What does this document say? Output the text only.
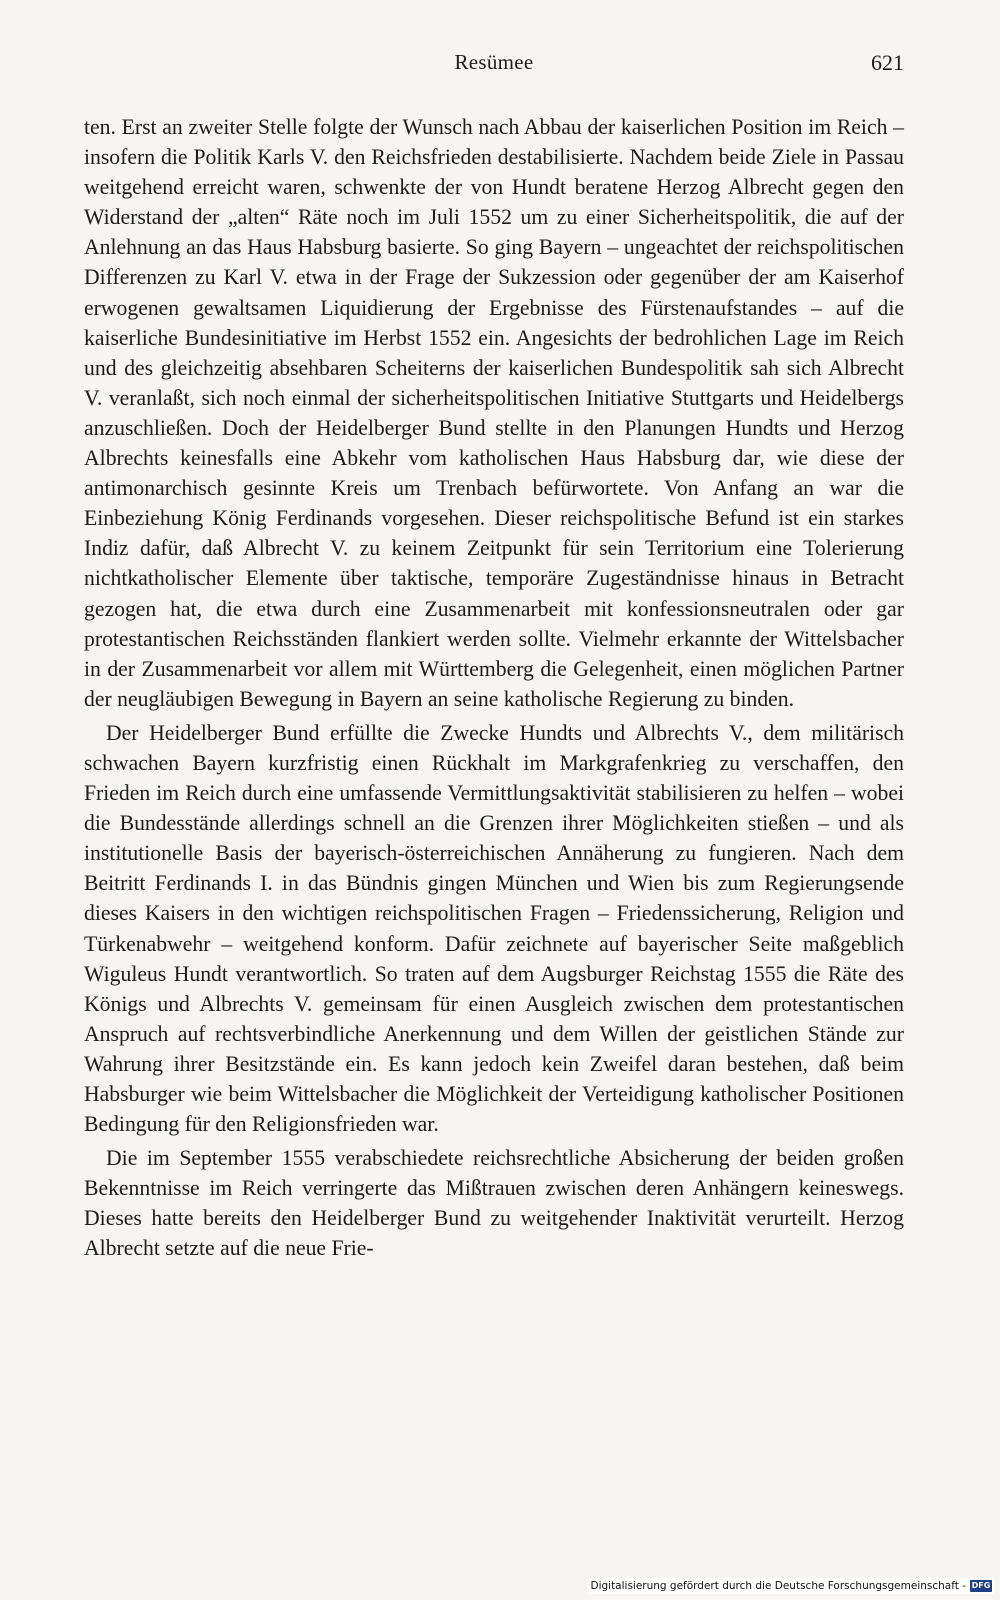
Resümee	621

ten. Erst an zweiter Stelle folgte der Wunsch nach Abbau der kaiserlichen Position im Reich – insofern die Politik Karls V. den Reichsfrieden destabilisierte. Nachdem beide Ziele in Passau weitgehend erreicht waren, schwenkte der von Hundt beratene Herzog Albrecht gegen den Widerstand der „alten“ Räte noch im Juli 1552 um zu einer Sicherheitspolitik, die auf der Anlehnung an das Haus Habsburg basierte. So ging Bayern – ungeachtet der reichspolitischen Differenzen zu Karl V. etwa in der Frage der Sukzession oder gegenüber der am Kaiserhof erwogenen gewaltsamen Liquidierung der Ergebnisse des Fürstenaufstandes – auf die kaiserliche Bundesinitiative im Herbst 1552 ein. Angesichts der bedrohlichen Lage im Reich und des gleichzeitig absehbaren Scheiterns der kaiserlichen Bundespolitik sah sich Albrecht V. veranlaßt, sich noch einmal der sicherheitspolitischen Initiative Stuttgarts und Heidelbergs anzuschließen. Doch der Heidelberger Bund stellte in den Planungen Hundts und Herzog Albrechts keinesfalls eine Abkehr vom katholischen Haus Habsburg dar, wie diese der antimonarchisch gesinnte Kreis um Trenbach befürwortete. Von Anfang an war die Einbeziehung König Ferdinands vorgesehen. Dieser reichspolitische Befund ist ein starkes Indiz dafür, daß Albrecht V. zu keinem Zeitpunkt für sein Territorium eine Tolerierung nichtkatholischer Elemente über taktische, temporäre Zugeständnisse hinaus in Betracht gezogen hat, die etwa durch eine Zusammenarbeit mit konfessionsneutralen oder gar protestantischen Reichsständen flankiert werden sollte. Vielmehr erkannte der Wittelsbacher in der Zusammenarbeit vor allem mit Württemberg die Gelegenheit, einen möglichen Partner der neugläubigen Bewegung in Bayern an seine katholische Regierung zu binden.

Der Heidelberger Bund erfüllte die Zwecke Hundts und Albrechts V., dem militärisch schwachen Bayern kurzfristig einen Rückhalt im Markgrafenkrieg zu verschaffen, den Frieden im Reich durch eine umfassende Vermittlungsaktivität stabilisieren zu helfen – wobei die Bundesstände allerdings schnell an die Grenzen ihrer Möglichkeiten stießen – und als institutionelle Basis der bayerisch-österreichischen Annäherung zu fungieren. Nach dem Beitritt Ferdinands I. in das Bündnis gingen München und Wien bis zum Regierungsende dieses Kaisers in den wichtigen reichspolitischen Fragen – Friedenssicherung, Religion und Türkenabwehr – weitgehend konform. Dafür zeichnete auf bayerischer Seite maßgeblich Wiguleus Hundt verantwortlich. So traten auf dem Augsburger Reichstag 1555 die Räte des Königs und Albrechts V. gemeinsam für einen Ausgleich zwischen dem protestantischen Anspruch auf rechtsverbindliche Anerkennung und dem Willen der geistlichen Stände zur Wahrung ihrer Besitzstände ein. Es kann jedoch kein Zweifel daran bestehen, daß beim Habsburger wie beim Wittelsbacher die Möglichkeit der Verteidigung katholischer Positionen Bedingung für den Religionsfrieden war.

Die im September 1555 verabschiedete reichsrechtliche Absicherung der beiden großen Bekenntnisse im Reich verringerte das Mißtrauen zwischen deren Anhängern keineswegs. Dieses hatte bereits den Heidelberger Bund zu weitgehender Inaktivität verurteilt. Herzog Albrecht setzte auf die neue Frie-

Digitalisierung gefördert durch die Deutsche Forschungsgemeinschaft - DFG
